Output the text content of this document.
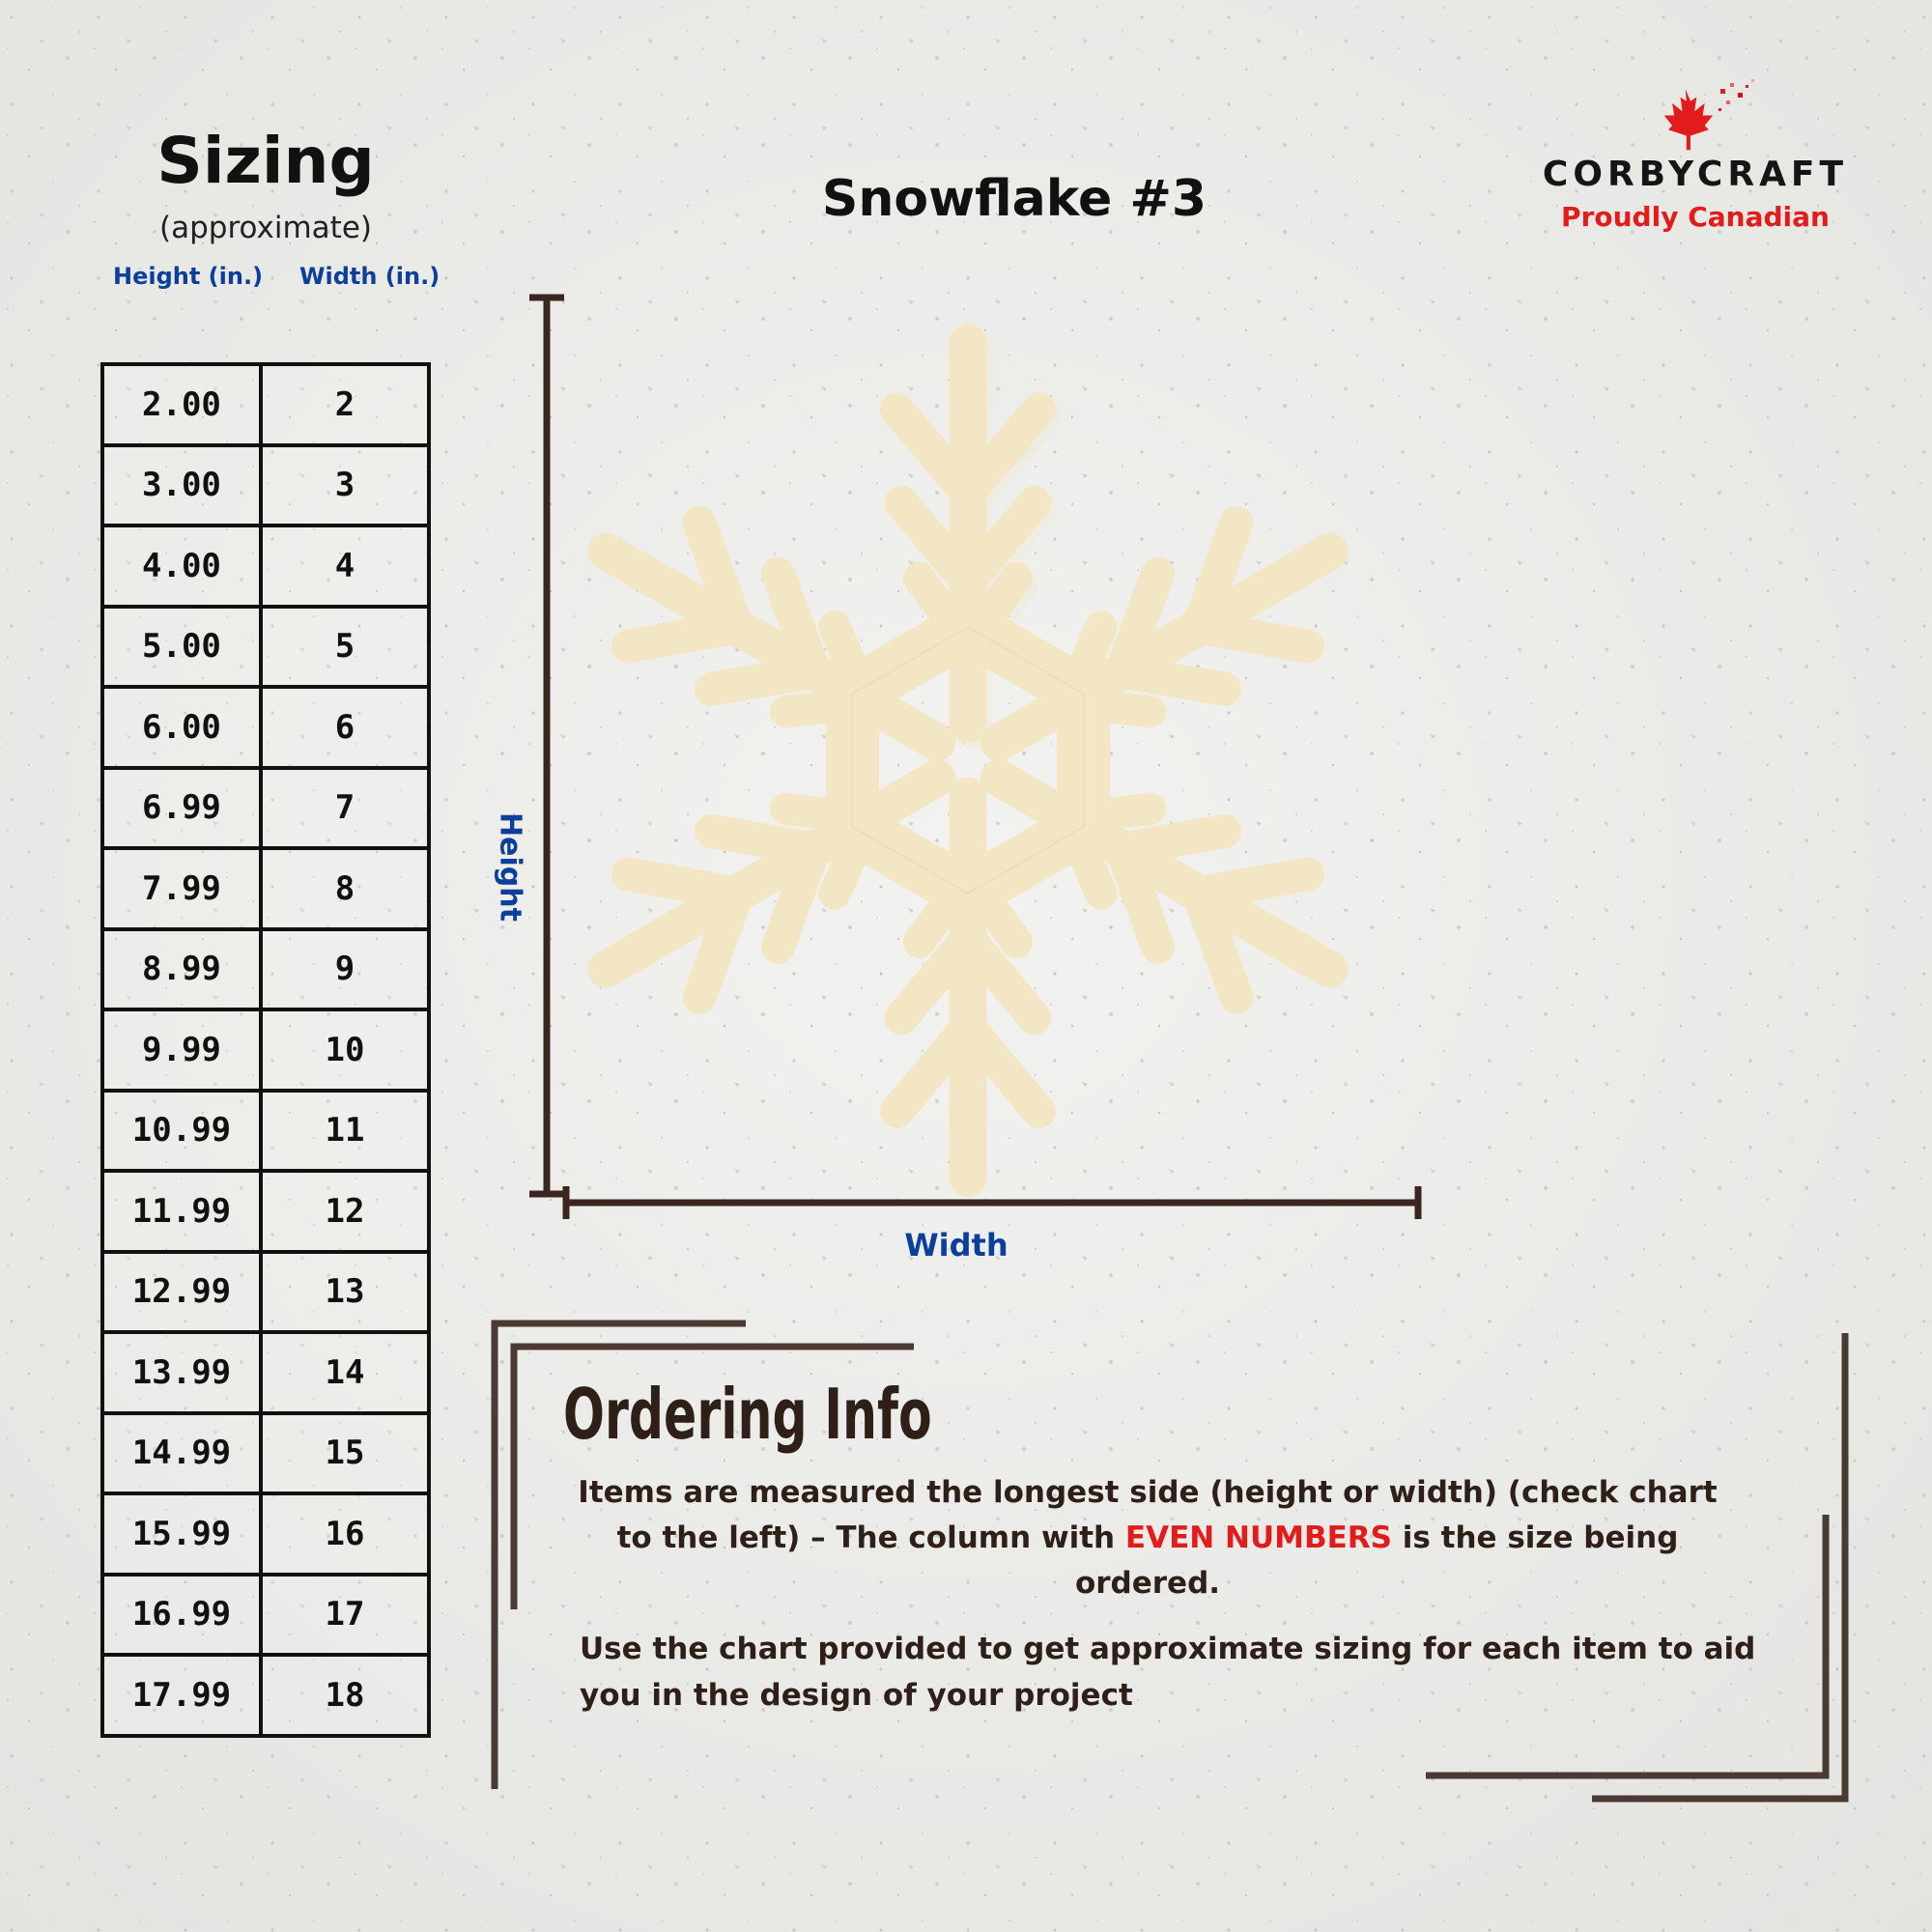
Sizing
(approximate)
Height (in.) Width (in.)
2.00	2
3.00	3
4.00	4
5.00	5
6.00	6
6.99	7
7.99	8
8.99	9
9.99	10
10.99	11
11.99	12
12.99	13
13.99	14
14.99	15
15.99	16
16.99	17
17.99	18
Snowflake #3	CORBYCRAFT
Proudly Canadian
Height
Width
Ordering Info
Items are measured the longest side (height or width) (check chart to the left) – The column with EVEN NUMBERS is the size being ordered.
Use the chart provided to get approximate sizing for each item to aid you in the design of your project
